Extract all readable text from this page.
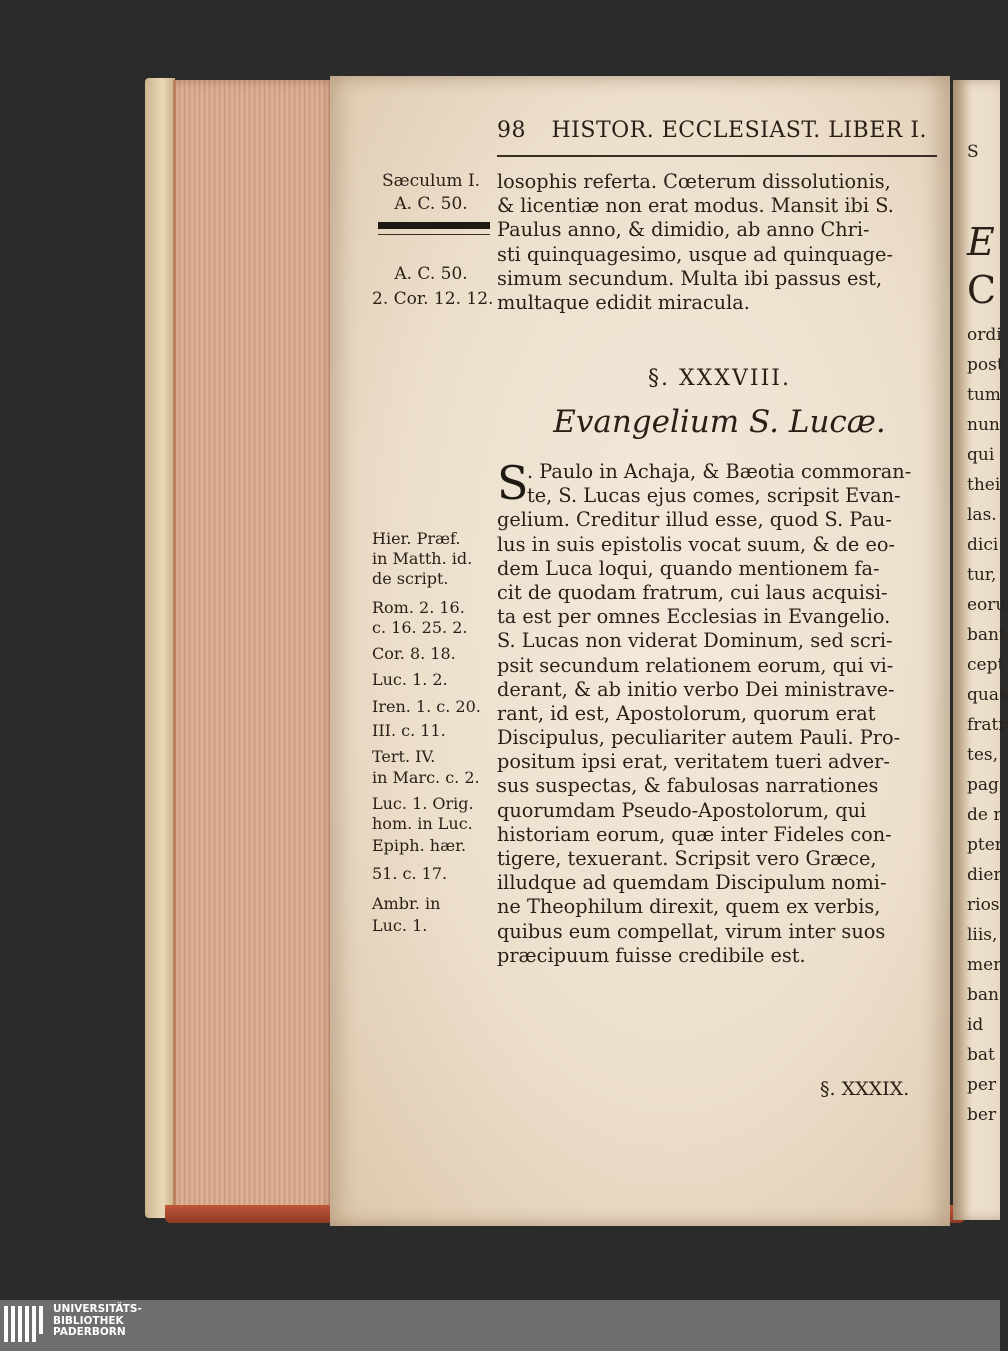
S
E
C
ordi
post
tum
nun
qui
thei
las.
dici
tur,
eoru
bant
cept
quas
fratr
tes,
pag
de r
pter
dier
rios
liis,
mer
ban
id
bat
per
ber
98 HISTOR. ECCLESIAST. LIBER I.
Sæculum I.
A. C. 50.
A. C. 50.
2. Cor. 12. 12.
Hier. Præf.
in Matth. id.
de script.
Rom. 2. 16.
c. 16. 25. 2.
Cor. 8. 18.
Luc. 1. 2.
Iren. 1. c. 20.
III. c. 11.
Tert. IV.
in Marc. c. 2.
Luc. 1. Orig.
hom. in Luc.
Epiph. hær.
51. c. 17.
Ambr. in
Luc. 1.
losophis referta. Cœterum dissolutionis,
& licentiæ non erat modus. Mansit ibi S.
Paulus anno, & dimidio, ab anno Chri-
sti quinquagesimo, usque ad quinquage-
simum secundum. Multa ibi passus est,
multaque edidit miracula.
§. XXXVIII.
Evangelium S. Lucæ.
S
. Paulo in Achaja, & Bæotia commoran-
te, S. Lucas ejus comes, scripsit Evan-
gelium. Creditur illud esse, quod S. Pau-
lus in suis epistolis vocat suum, & de eo-
dem Luca loqui, quando mentionem fa-
cit de quodam fratrum, cui laus acquisi-
ta est per omnes Ecclesias in Evangelio.
S. Lucas non viderat Dominum, sed scri-
psit secundum relationem eorum, qui vi-
derant, & ab initio verbo Dei ministrave-
rant, id est, Apostolorum, quorum erat
Discipulus, peculiariter autem Pauli. Pro-
positum ipsi erat, veritatem tueri adver-
sus suspectas, & fabulosas narrationes
quorumdam Pseudo-Apostolorum, qui
historiam eorum, quæ inter Fideles con-
tigere, texuerant. Scripsit vero Græce,
illudque ad quemdam Discipulum nomi-
ne Theophilum direxit, quem ex verbis,
quibus eum compellat, virum inter suos
præcipuum fuisse credibile est.
§. XXXIX.
UNIVERSITÄTS-
BIBLIOTHEK
PADERBORN
